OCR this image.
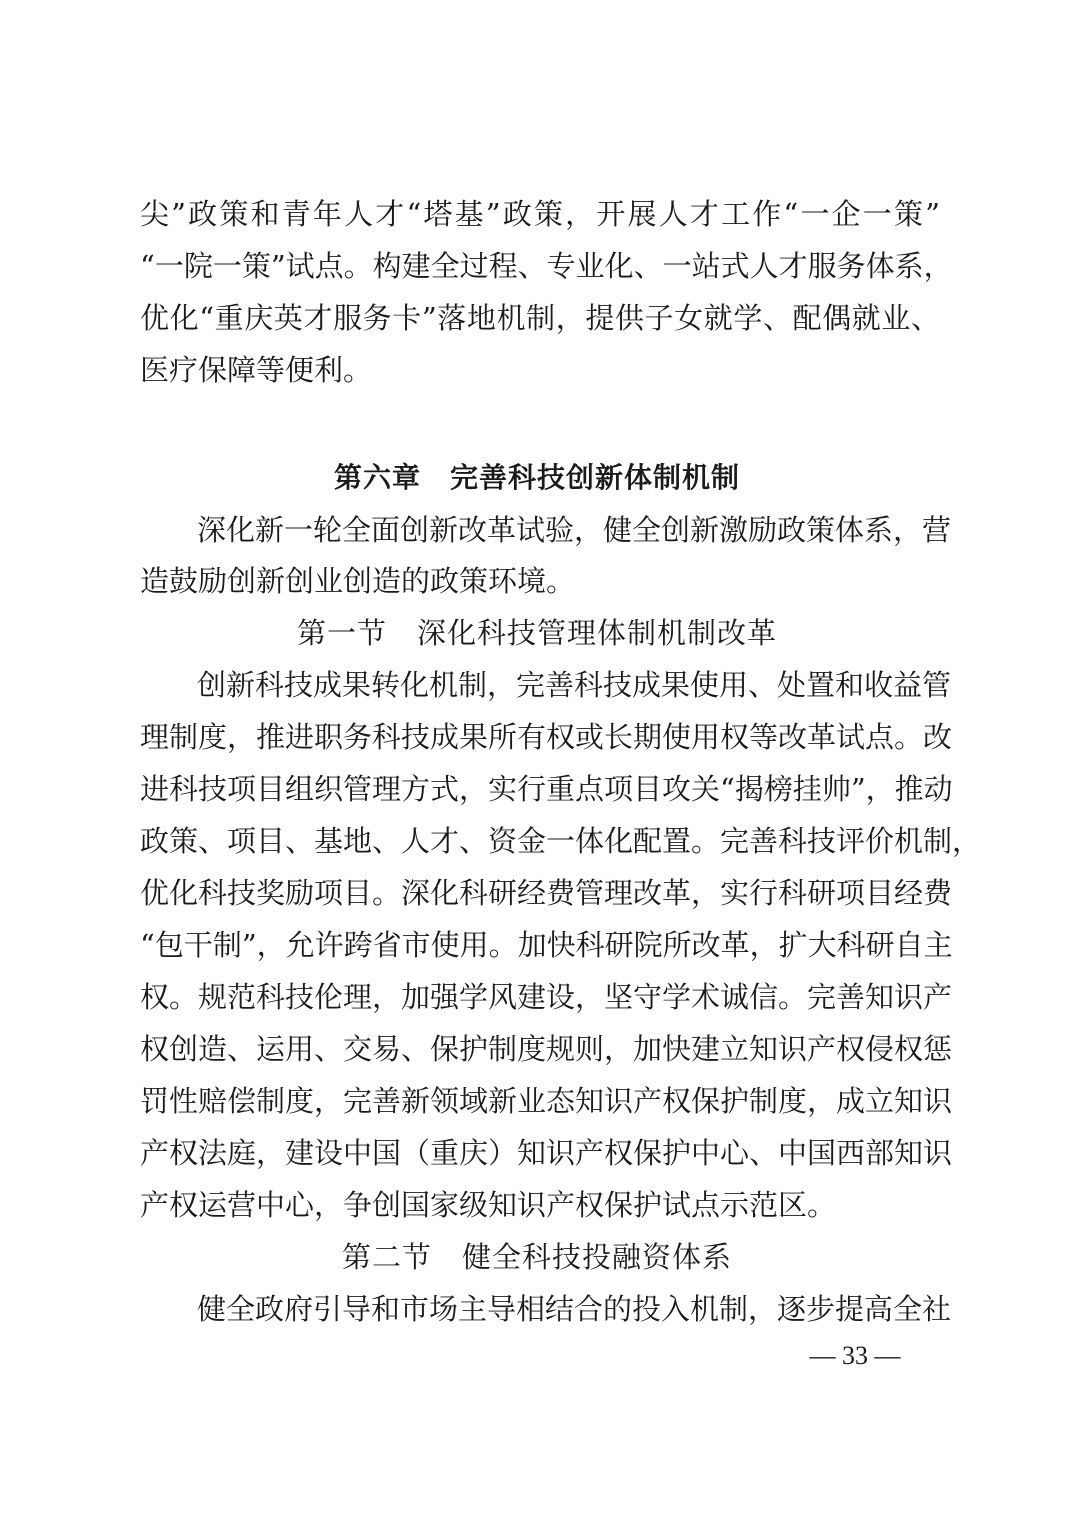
尖”政策和青年人才“塔基”政策，开展人才工作“一企一策”
“一院一策”试点。构建全过程、专业化、一站式人才服务体系，
优化“重庆英才服务卡”落地机制，提供子女就学、配偶就业、
医疗保障等便利。
第六章　完善科技创新体制机制
深化新一轮全面创新改革试验，健全创新激励政策体系，营
造鼓励创新创业创造的政策环境。
第一节　深化科技管理体制机制改革
创新科技成果转化机制，完善科技成果使用、处置和收益管
理制度，推进职务科技成果所有权或长期使用权等改革试点。改
进科技项目组织管理方式，实行重点项目攻关“揭榜挂帅”，推动
政策、项目、基地、人才、资金一体化配置。完善科技评价机制，
优化科技奖励项目。深化科研经费管理改革，实行科研项目经费
“包干制”，允许跨省市使用。加快科研院所改革，扩大科研自主
权。规范科技伦理，加强学风建设，坚守学术诚信。完善知识产
权创造、运用、交易、保护制度规则，加快建立知识产权侵权惩
罚性赔偿制度，完善新领域新业态知识产权保护制度，成立知识
产权法庭，建设中国（重庆）知识产权保护中心、中国西部知识
产权运营中心，争创国家级知识产权保护试点示范区。
第二节　健全科技投融资体系
健全政府引导和市场主导相结合的投入机制，逐步提高全社
— 33 —
